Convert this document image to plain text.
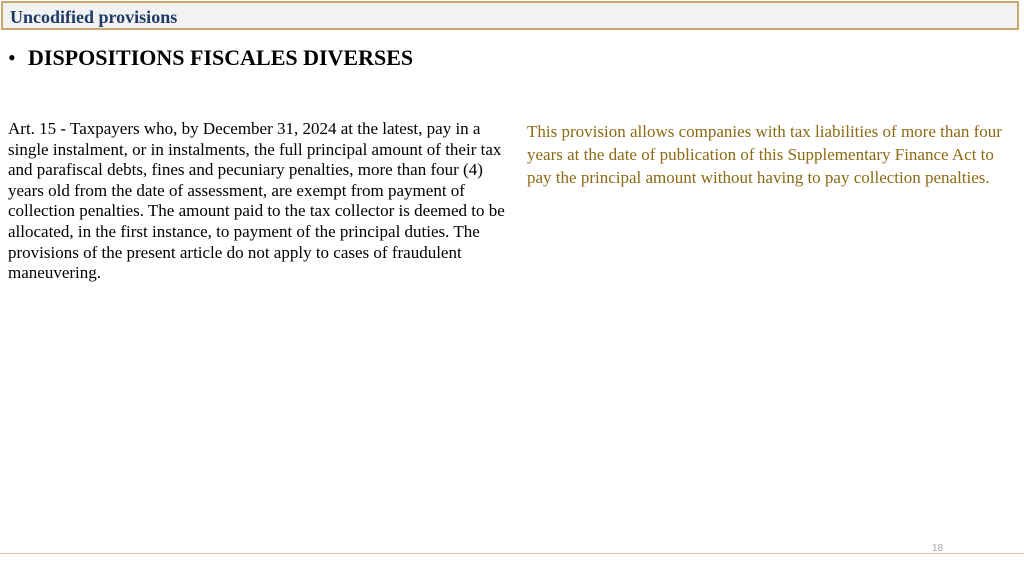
Uncodified provisions
• DISPOSITIONS FISCALES DIVERSES
Art. 15 - Taxpayers who, by December 31, 2024 at the latest, pay in a single instalment, or in instalments, the full principal amount of their tax and parafiscal debts, fines and pecuniary penalties, more than four (4) years old from the date of assessment, are exempt from payment of collection penalties. The amount paid to the tax collector is deemed to be allocated, in the first instance, to payment of the principal duties. The provisions of the present article do not apply to cases of fraudulent maneuvering.
This provision allows companies with tax liabilities of more than four years at the date of publication of this Supplementary Finance Act to pay the principal amount without having to pay collection penalties.
18
